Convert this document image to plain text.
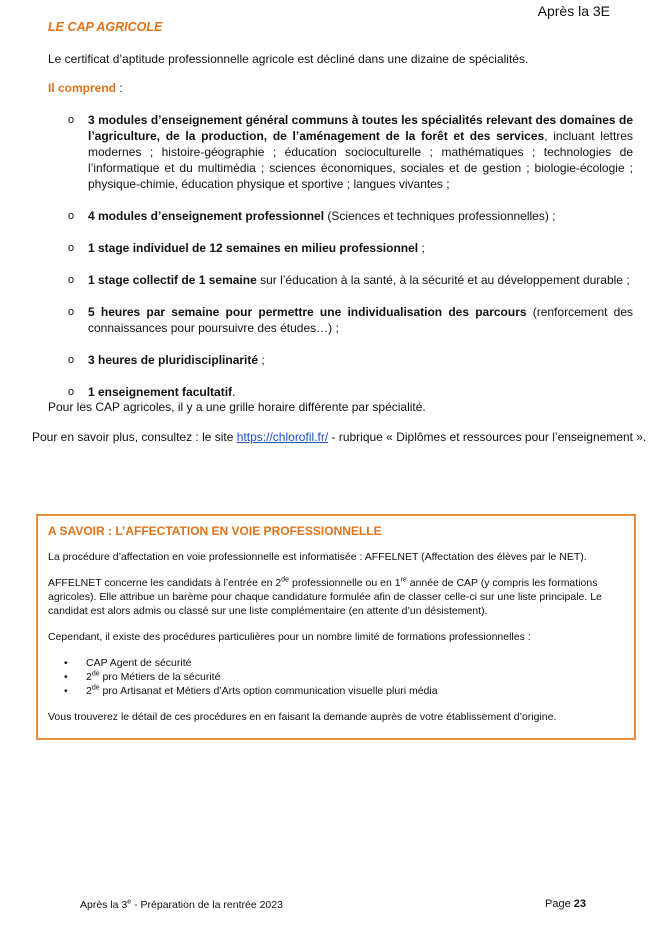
Après la 3E
LE CAP AGRICOLE
Le certificat d’aptitude professionnelle agricole est décliné dans une dizaine de spécialités.
Il comprend :
o 3 modules d’enseignement général communs à toutes les spécialités relevant des domaines de l’agriculture, de la production, de l’aménagement de la forêt et des services, incluant lettres modernes ; histoire-géographie ; éducation socioculturelle ; mathématiques ; technologies de l’informatique et du multimédia ; sciences économiques, sociales et de gestion ; biologie-écologie ; physique-chimie, éducation physique et sportive ; langues vivantes ;
o 4 modules d’enseignement professionnel (Sciences et techniques professionnelles) ;
o 1 stage individuel de 12 semaines en milieu professionnel ;
o 1 stage collectif de 1 semaine sur l’éducation à la santé, à la sécurité et au développement durable ;
o 5 heures par semaine pour permettre une individualisation des parcours (renforcement des connaissances pour poursuivre des études…) ;
o 3 heures de pluridisciplinarité ;
o 1 enseignement facultatif.
Pour les CAP agricoles, il y a une grille horaire différente par spécialité.
Pour en savoir plus, consultez : le site https://chlorofil.fr/ - rubrique « Diplômes et ressources pour l’enseignement ».
A SAVOIR : L’AFFECTATION EN VOIE PROFESSIONNELLE

La procédure d’affectation en voie professionnelle est informatisée : AFFELNET (Affectation des élèves par le NET).

AFFELNET concerne les candidats à l’entrée en 2de professionnelle ou en 1re année de CAP (y compris les formations agricoles). Elle attribue un barème pour chaque candidature formulée afin de classer celle-ci sur une liste principale. Le candidat est alors admis ou classé sur une liste complémentaire (en attente d’un désistement).

Cependant, il existe des procédures particulières pour un nombre limité de formations professionnelles :

• CAP Agent de sécurité
• 2de pro Métiers de la sécurité
• 2de pro Artisanat et Métiers d’Arts option communication visuelle pluri média

Vous trouverez le détail de ces procédures en en faisant la demande auprès de votre établissement d’origine.

Après la 3e - Préparation de la rentrée 2023	Page 23
